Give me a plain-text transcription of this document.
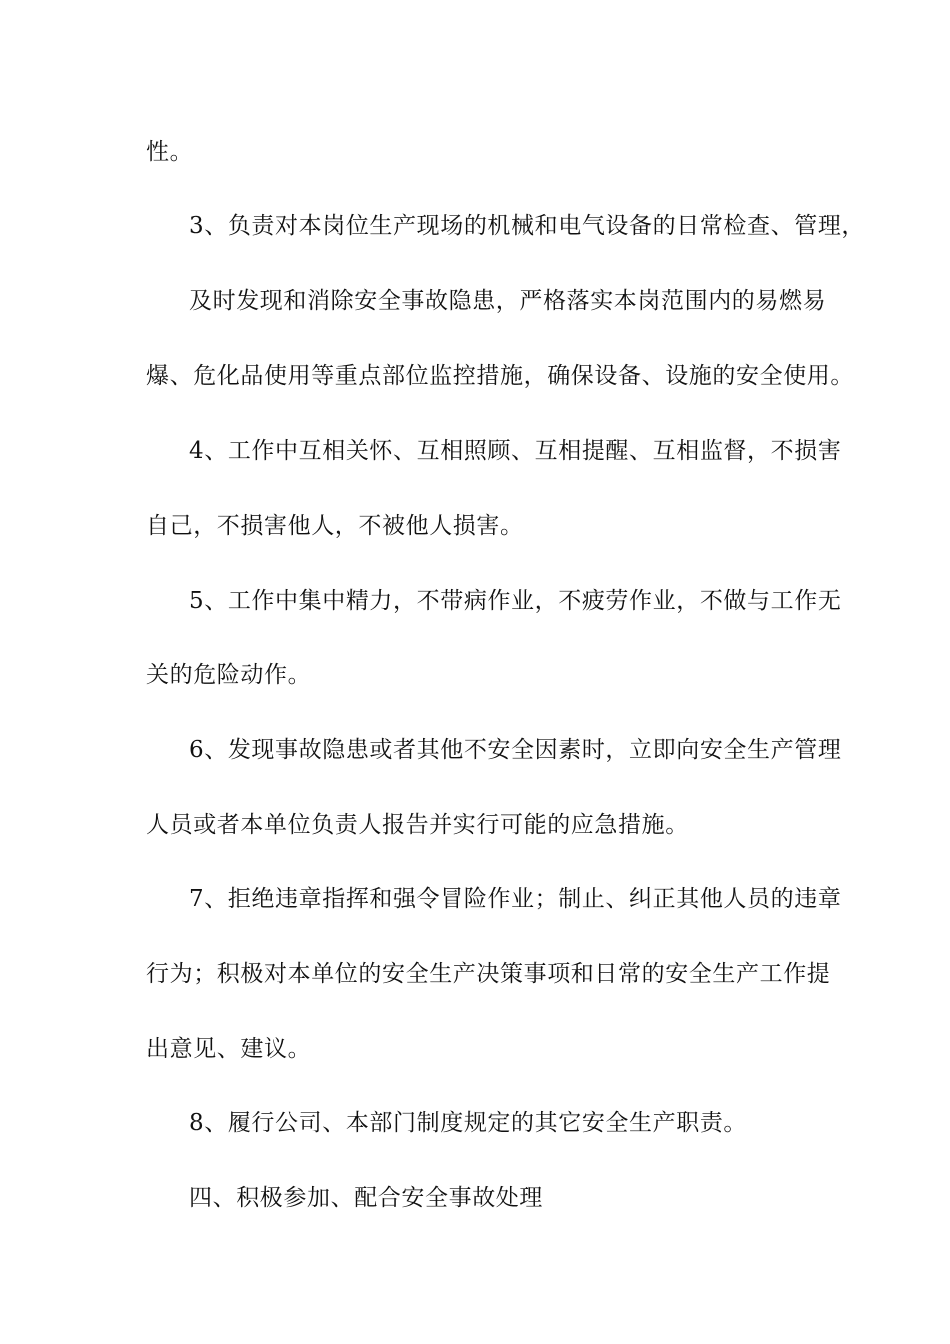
性。

3、负责对本岗位生产现场的机械和电气设备的日常检查、管理，

及时发现和消除安全事故隐患，严格落实本岗范围内的易燃易

爆、危化品使用等重点部位监控措施，确保设备、设施的安全使用。

4、工作中互相关怀、互相照顾、互相提醒、互相监督，不损害

自己，不损害他人，不被他人损害。

5、工作中集中精力，不带病作业，不疲劳作业，不做与工作无

关的危险动作。

6、发现事故隐患或者其他不安全因素时，立即向安全生产管理

人员或者本单位负责人报告并实行可能的应急措施。

7、拒绝违章指挥和强令冒险作业；制止、纠正其他人员的违章

行为；积极对本单位的安全生产决策事项和日常的安全生产工作提

出意见、建议。

8、履行公司、本部门制度规定的其它安全生产职责。

四、积极参加、配合安全事故处理
